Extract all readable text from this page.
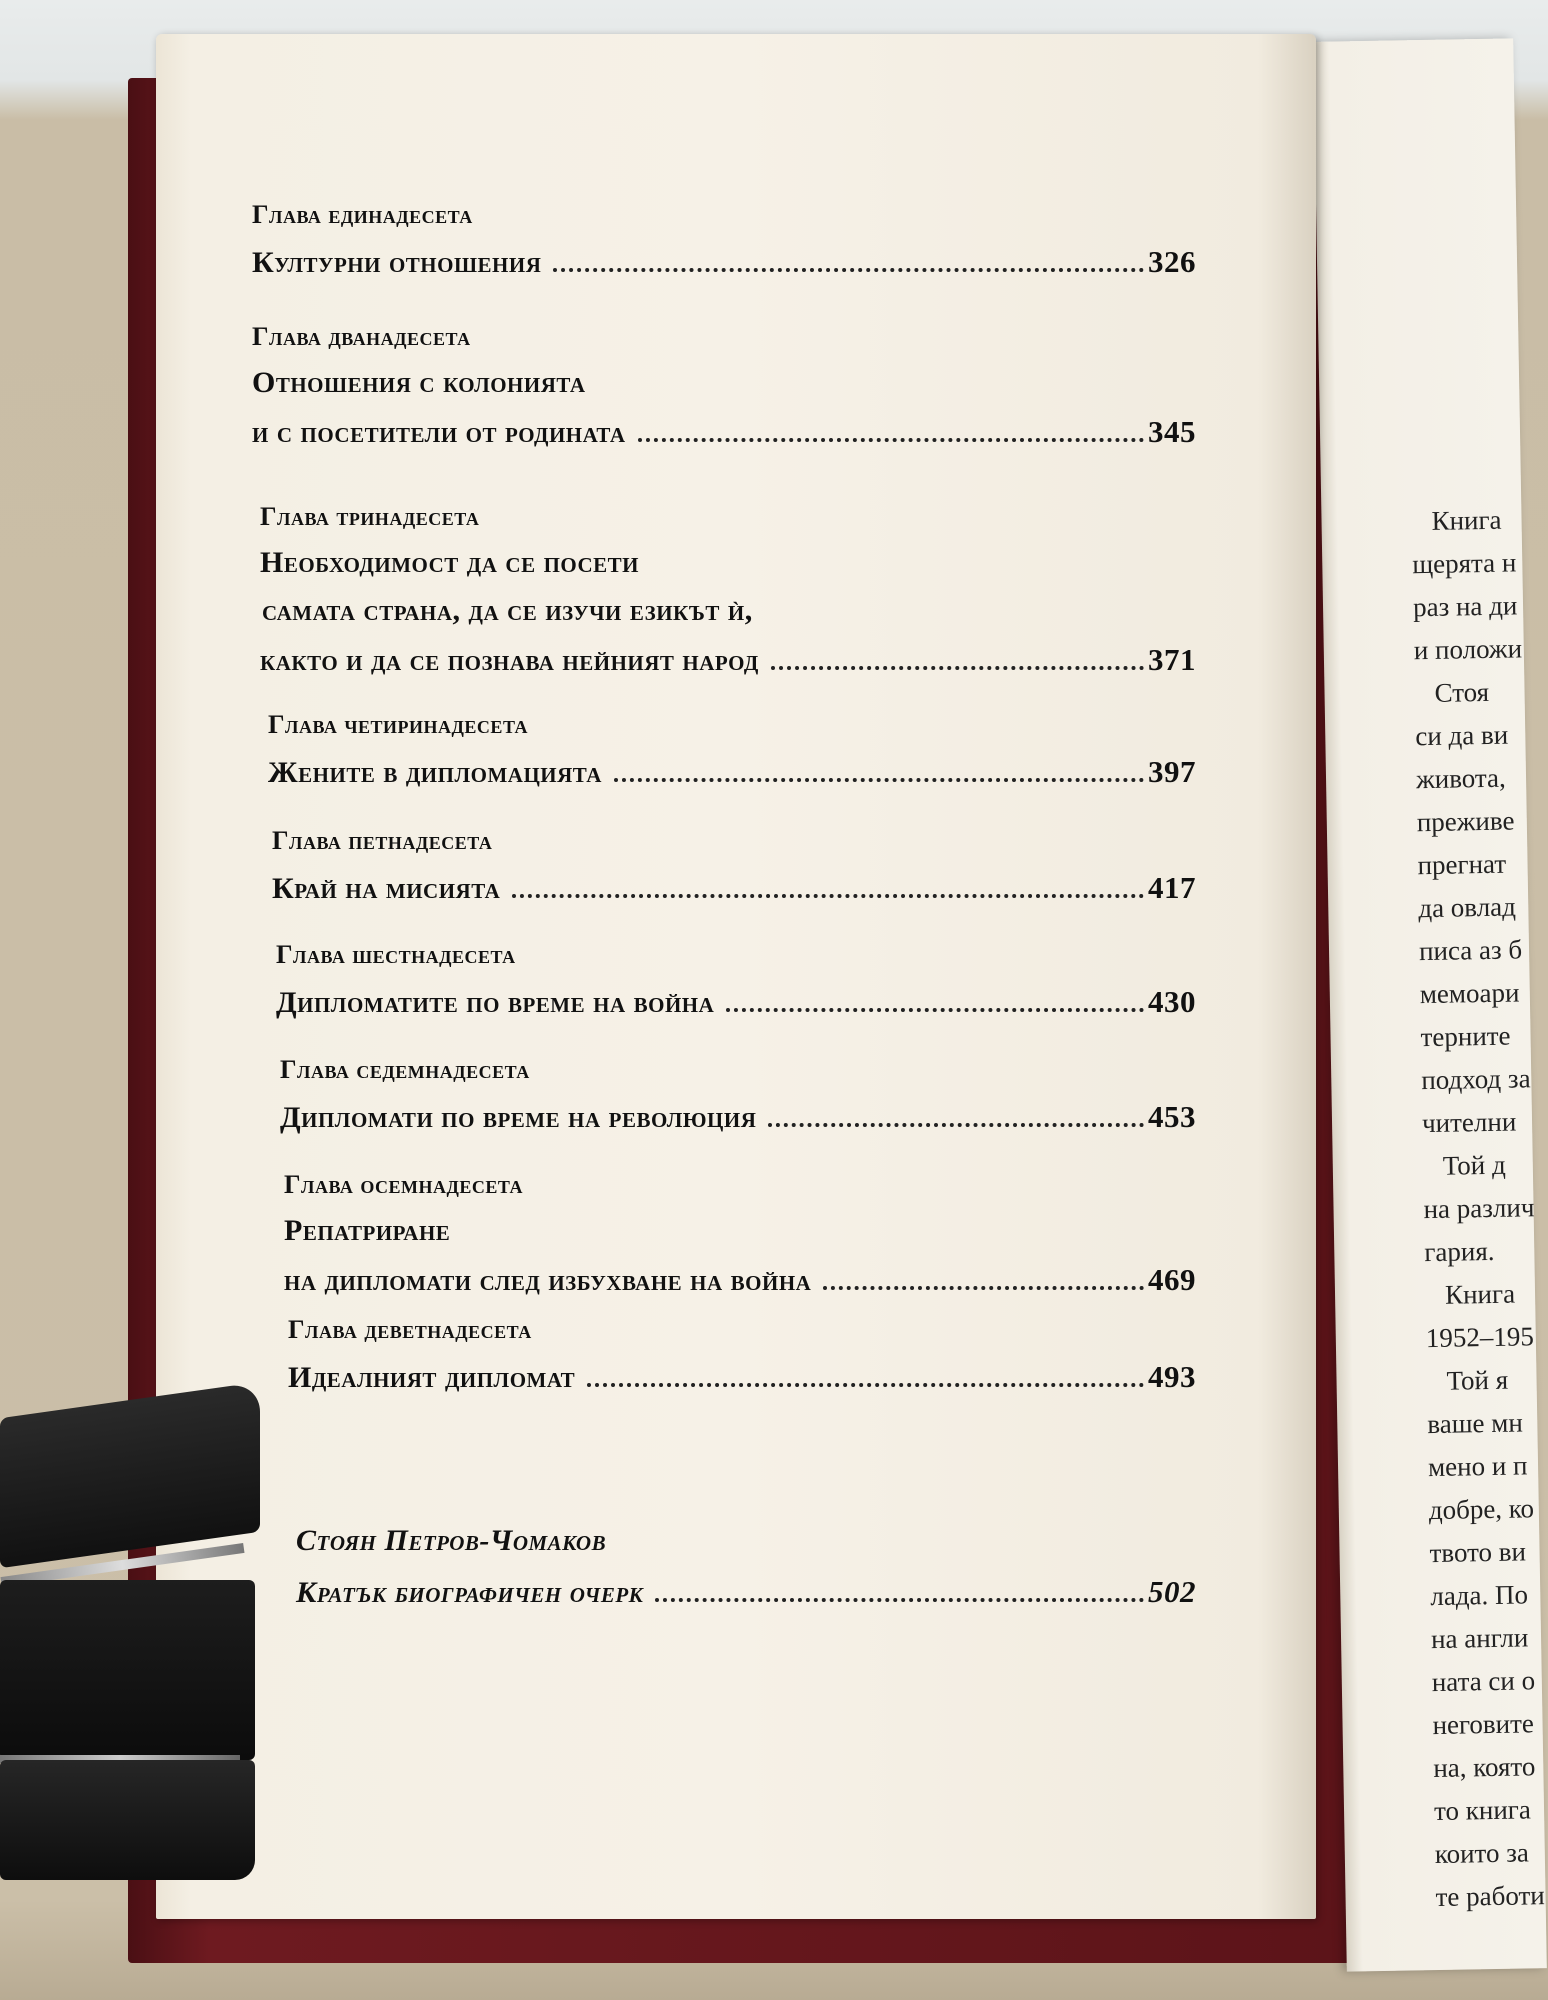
Книга
щерята н
раз на ди
и положи
Стоя
си да ви
живота,
преживе
прегнат
да овлад
писа аз б
мемоари
терните
подход за
чителни
Той д
на различ
гария.
Книга
1952–195
Той я
ваше мн
мено и п
добре, ко
твото ви
лада. По
на англи
ната си о
неговите
на, която
то книга
които за
те работи
Глава единадесета
Културни отношения	326
Глава дванадесета
Отношения с колонията
и с посетители от родината	345
Глава тринадесета
Необходимост да се посети
самата страна, да се изучи езикът ѝ,
както и да се познава нейният народ	371
Глава четиринадесета
Жените в дипломацията	397
Глава петнадесета
Край на мисията	417
Глава шестнадесета
Дипломатите по време на война	430
Глава седемнадесета
Дипломати по време на революция	453
Глава осемнадесета
Репатриране
на дипломати след избухване на война	469
Глава деветнадесета
Идеалният дипломат	493
Стоян Петров-Чомаков
Кратък биографичен очерк	502
